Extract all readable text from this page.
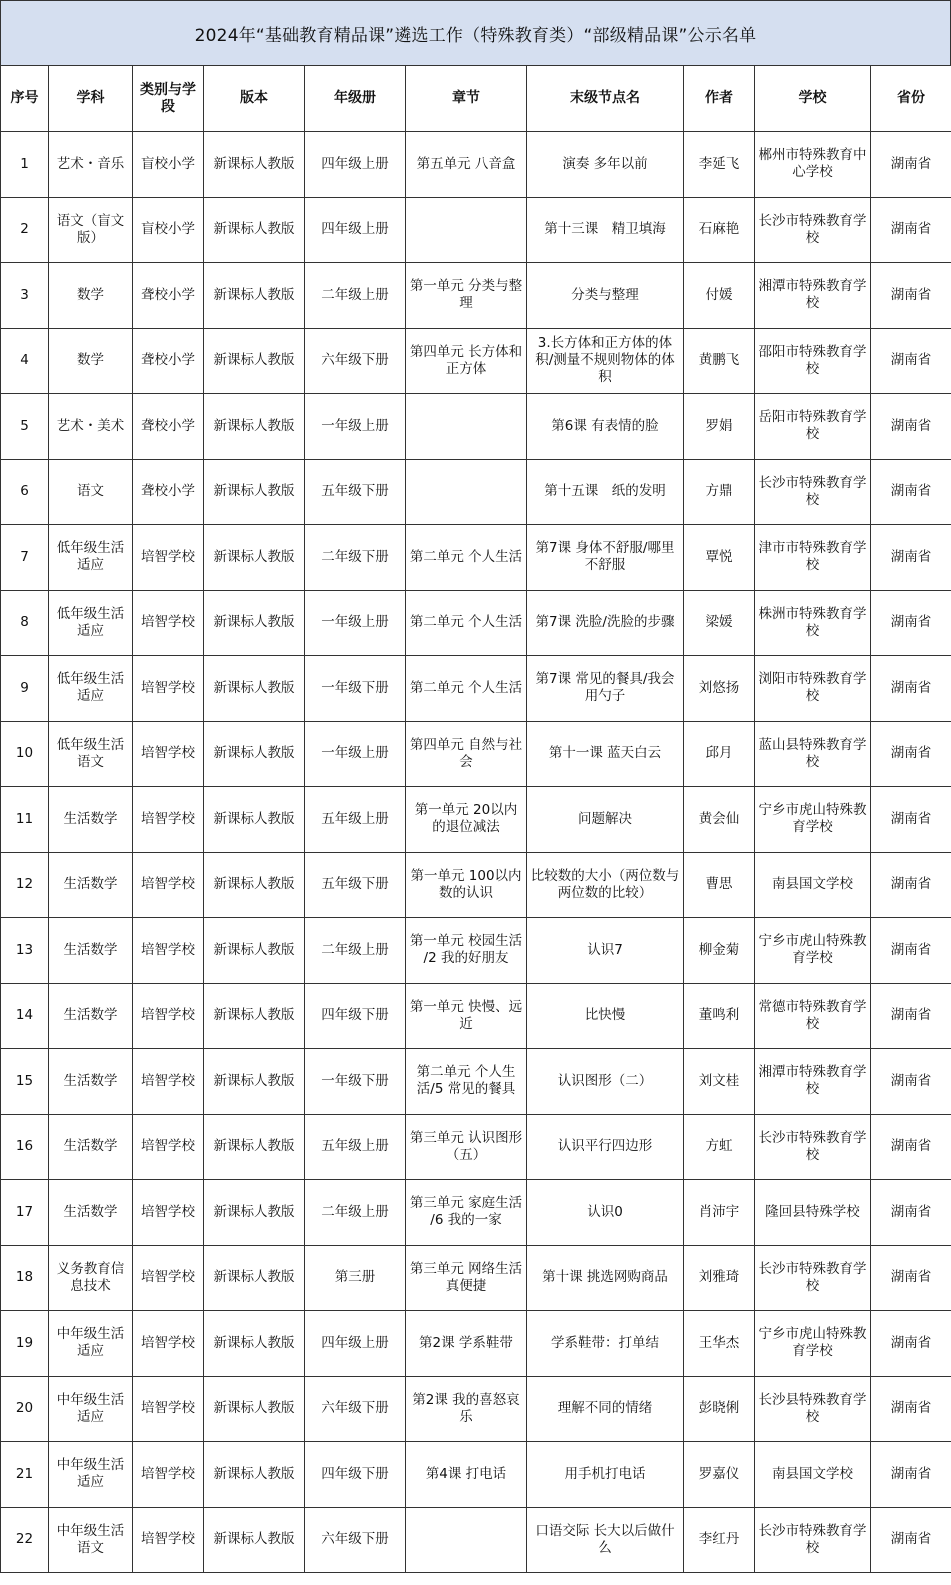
2024年“基础教育精品课”遴选工作（特殊教育类）“部级精品课”公示名单
序号	学科	类别与学段	版本	年级册	章节	末级节点名	作者	学校	省份
1	艺术・音乐	盲校小学	新课标人教版	四年级上册	第五单元 八音盒	演奏 多年以前	李延飞	郴州市特殊教育中心学校	湖南省
2	语文（盲文版）	盲校小学	新课标人教版	四年级上册		第十三课　精卫填海	石麻艳	长沙市特殊教育学校	湖南省
3	数学	聋校小学	新课标人教版	二年级上册	第一单元 分类与整理	分类与整理	付媛	湘潭市特殊教育学校	湖南省
4	数学	聋校小学	新课标人教版	六年级下册	第四单元 长方体和正方体	3.长方体和正方体的体积/测量不规则物体的体积	黄鹏飞	邵阳市特殊教育学校	湖南省
5	艺术・美术	聋校小学	新课标人教版	一年级上册		第6课 有表情的脸	罗娟	岳阳市特殊教育学校	湖南省
6	语文	聋校小学	新课标人教版	五年级下册		第十五课　纸的发明	方鼎	长沙市特殊教育学校	湖南省
7	低年级生活适应	培智学校	新课标人教版	二年级下册	第二单元 个人生活	第7课 身体不舒服/哪里不舒服	覃悦	津市市特殊教育学校	湖南省
8	低年级生活适应	培智学校	新课标人教版	一年级上册	第二单元 个人生活	第7课 洗脸/洗脸的步骤	梁媛	株洲市特殊教育学校	湖南省
9	低年级生活适应	培智学校	新课标人教版	一年级下册	第二单元 个人生活	第7课 常见的餐具/我会用勺子	刘悠扬	浏阳市特殊教育学校	湖南省
10	低年级生活语文	培智学校	新课标人教版	一年级上册	第四单元 自然与社会	第十一课 蓝天白云	邱月	蓝山县特殊教育学校	湖南省
11	生活数学	培智学校	新课标人教版	五年级上册	第一单元 20以内的退位减法	问题解决	黄会仙	宁乡市虎山特殊教育学校	湖南省
12	生活数学	培智学校	新课标人教版	五年级下册	第一单元 100以内数的认识	比较数的大小（两位数与两位数的比较）	曹思	南县国文学校	湖南省
13	生活数学	培智学校	新课标人教版	二年级上册	第一单元 校园生活 /2 我的好朋友	认识7	柳金菊	宁乡市虎山特殊教育学校	湖南省
14	生活数学	培智学校	新课标人教版	四年级下册	第一单元 快慢、远近	比快慢	董鸣利	常德市特殊教育学校	湖南省
15	生活数学	培智学校	新课标人教版	一年级下册	第二单元 个人生活/5 常见的餐具	认识图形（二）	刘文桂	湘潭市特殊教育学校	湖南省
16	生活数学	培智学校	新课标人教版	五年级上册	第三单元 认识图形（五）	认识平行四边形	方虹	长沙市特殊教育学校	湖南省
17	生活数学	培智学校	新课标人教版	二年级上册	第三单元 家庭生活 /6 我的一家	认识0	肖沛宇	隆回县特殊学校	湖南省
18	义务教育信息技术	培智学校	新课标人教版	第三册	第三单元 网络生活真便捷	第十课 挑选网购商品	刘雅琦	长沙市特殊教育学校	湖南省
19	中年级生活适应	培智学校	新课标人教版	四年级上册	第2课 学系鞋带	学系鞋带：打单结	王华杰	宁乡市虎山特殊教育学校	湖南省
20	中年级生活适应	培智学校	新课标人教版	六年级下册	第2课 我的喜怒哀乐	理解不同的情绪	彭晓俐	长沙县特殊教育学校	湖南省
21	中年级生活适应	培智学校	新课标人教版	四年级下册	第4课 打电话	用手机打电话	罗嘉仪	南县国文学校	湖南省
22	中年级生活语文	培智学校	新课标人教版	六年级下册		口语交际 长大以后做什么	李红丹	长沙市特殊教育学校	湖南省
